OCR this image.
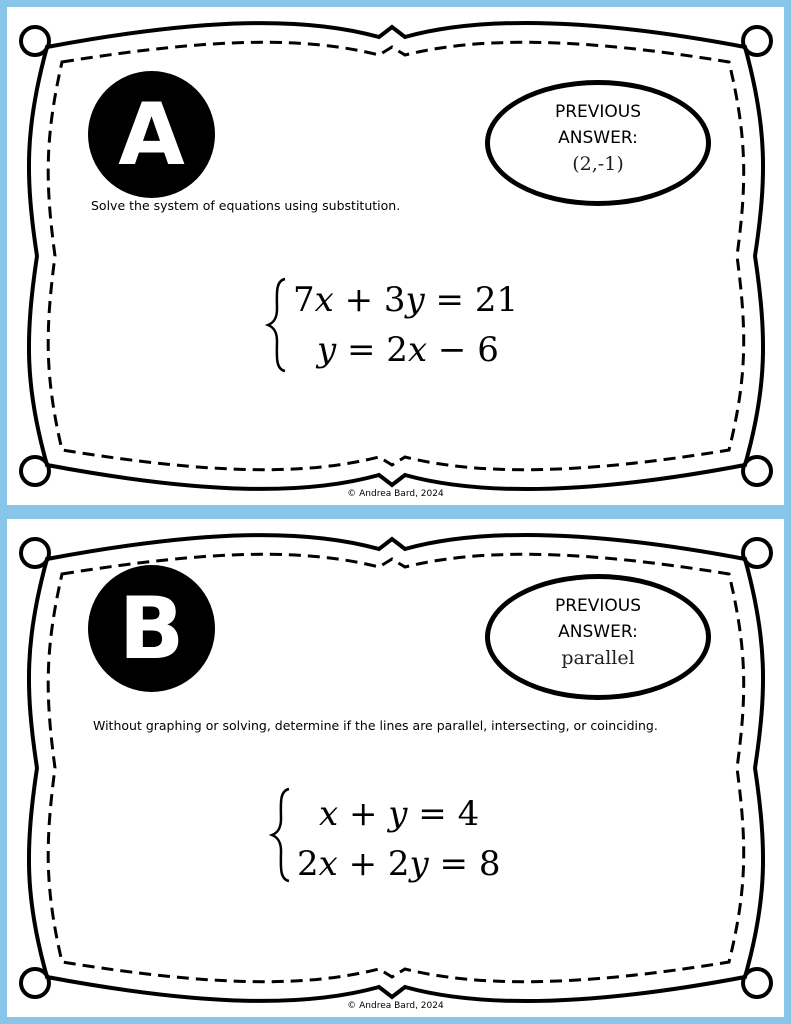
A	PREVIOUS
ANSWER:
(2,-1)
Solve the system of equations using substitution.
7𝑥 + 3𝑦 = 21
𝑦 = 2𝑥 − 6
© Andrea Bard, 2024
B	PREVIOUS
ANSWER:
parallel
Without graphing or solving, determine if the lines are parallel, intersecting, or coinciding.
𝑥 + 𝑦 = 4
2𝑥 + 2𝑦 = 8
© Andrea Bard, 2024
